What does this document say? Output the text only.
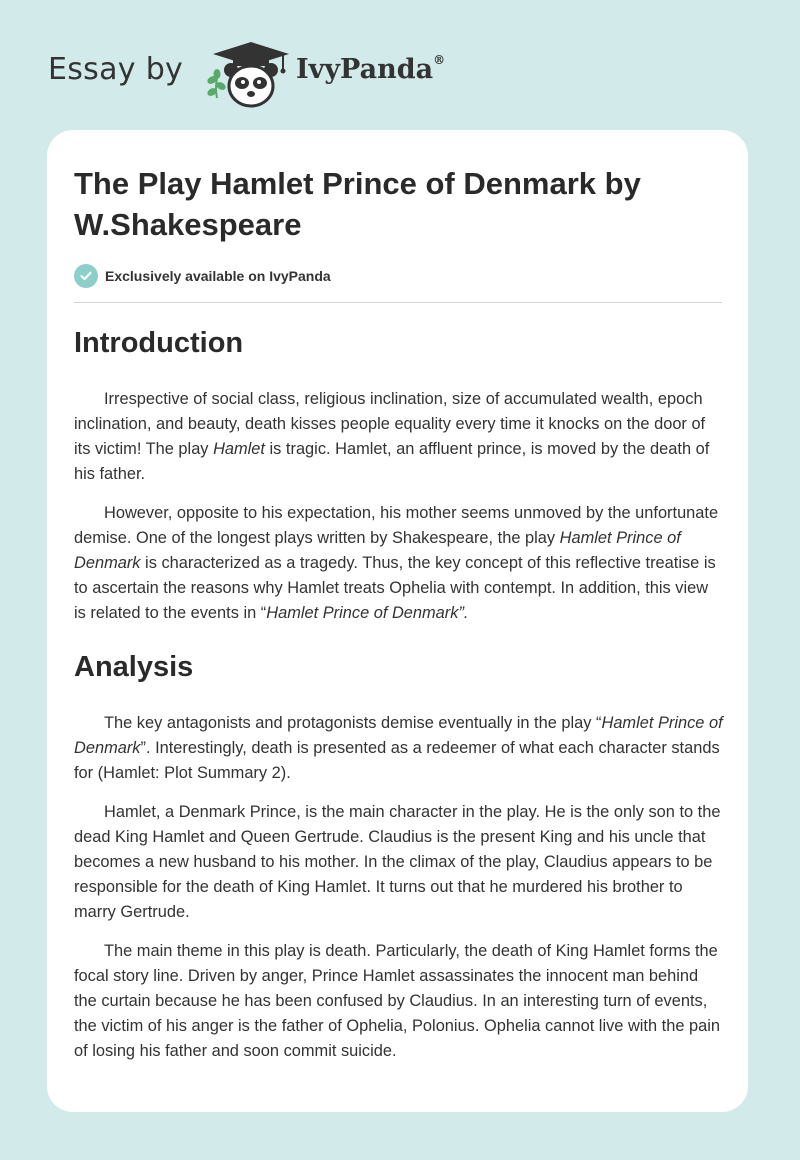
Essay by	IvyPanda®
The Play Hamlet Prince of Denmark by W.Shakespeare
Exclusively available on IvyPanda
Introduction

Irrespective of social class, religious inclination, size of accumulated wealth, epoch inclination, and beauty, death kisses people equality every time it knocks on the door of its victim! The play Hamlet is tragic. Hamlet, an affluent prince, is moved by the death of his father.

However, opposite to his expectation, his mother seems unmoved by the unfortunate demise. One of the longest plays written by Shakespeare, the play Hamlet Prince of Denmark is characterized as a tragedy. Thus, the key concept of this reflective treatise is to ascertain the reasons why Hamlet treats Ophelia with contempt. In addition, this view is related to the events in “Hamlet Prince of Denmark”.

Analysis

The key antagonists and protagonists demise eventually in the play “Hamlet Prince of Denmark”. Interestingly, death is presented as a redeemer of what each character stands for (Hamlet: Plot Summary 2).

Hamlet, a Denmark Prince, is the main character in the play. He is the only son to the dead King Hamlet and Queen Gertrude. Claudius is the present King and his uncle that becomes a new husband to his mother. In the climax of the play, Claudius appears to be responsible for the death of King Hamlet. It turns out that he murdered his brother to marry Gertrude.

The main theme in this play is death. Particularly, the death of King Hamlet forms the focal story line. Driven by anger, Prince Hamlet assassinates the innocent man behind the curtain because he has been confused by Claudius. In an interesting turn of events, the victim of his anger is the father of Ophelia, Polonius. Ophelia cannot live with the pain of losing his father and soon commit suicide.
